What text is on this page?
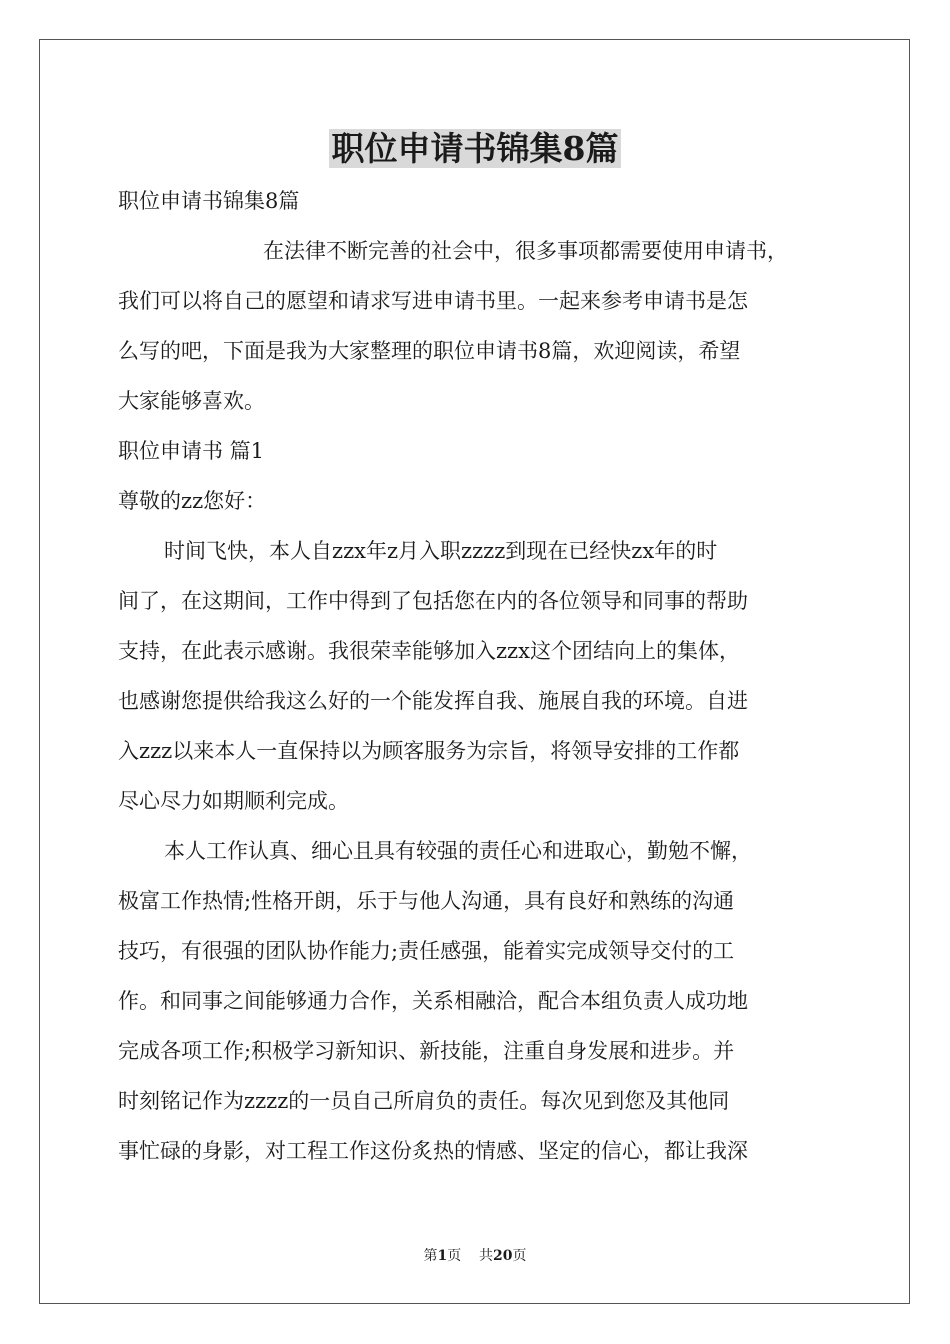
职位申请书锦集8篇

职位申请书锦集8篇

在法律不断完善的社会中，很多事项都需要使用申请书，

我们可以将自己的愿望和请求写进申请书里。一起来参考申请书是怎

么写的吧，下面是我为大家整理的职位申请书8篇，欢迎阅读，希望

大家能够喜欢。

职位申请书 篇1

尊敬的zz您好：

时间飞快，本人自zzx年z月入职zzzz到现在已经快zx年的时

间了，在这期间，工作中得到了包括您在内的各位领导和同事的帮助

支持，在此表示感谢。我很荣幸能够加入zzx这个团结向上的集体，

也感谢您提供给我这么好的一个能发挥自我、施展自我的环境。自进

入zzz以来本人一直保持以为顾客服务为宗旨，将领导安排的工作都

尽心尽力如期顺利完成。

本人工作认真、细心且具有较强的责任心和进取心，勤勉不懈，

极富工作热情;性格开朗，乐于与他人沟通，具有良好和熟练的沟通

技巧，有很强的团队协作能力;责任感强，能着实完成领导交付的工

作。和同事之间能够通力合作，关系相融洽，配合本组负责人成功地

完成各项工作;积极学习新知识、新技能，注重自身发展和进步。并

时刻铭记作为zzzz的一员自己所肩负的责任。每次见到您及其他同

事忙碌的身影，对工程工作这份炙热的情感、坚定的信心，都让我深

第1页 共20页
